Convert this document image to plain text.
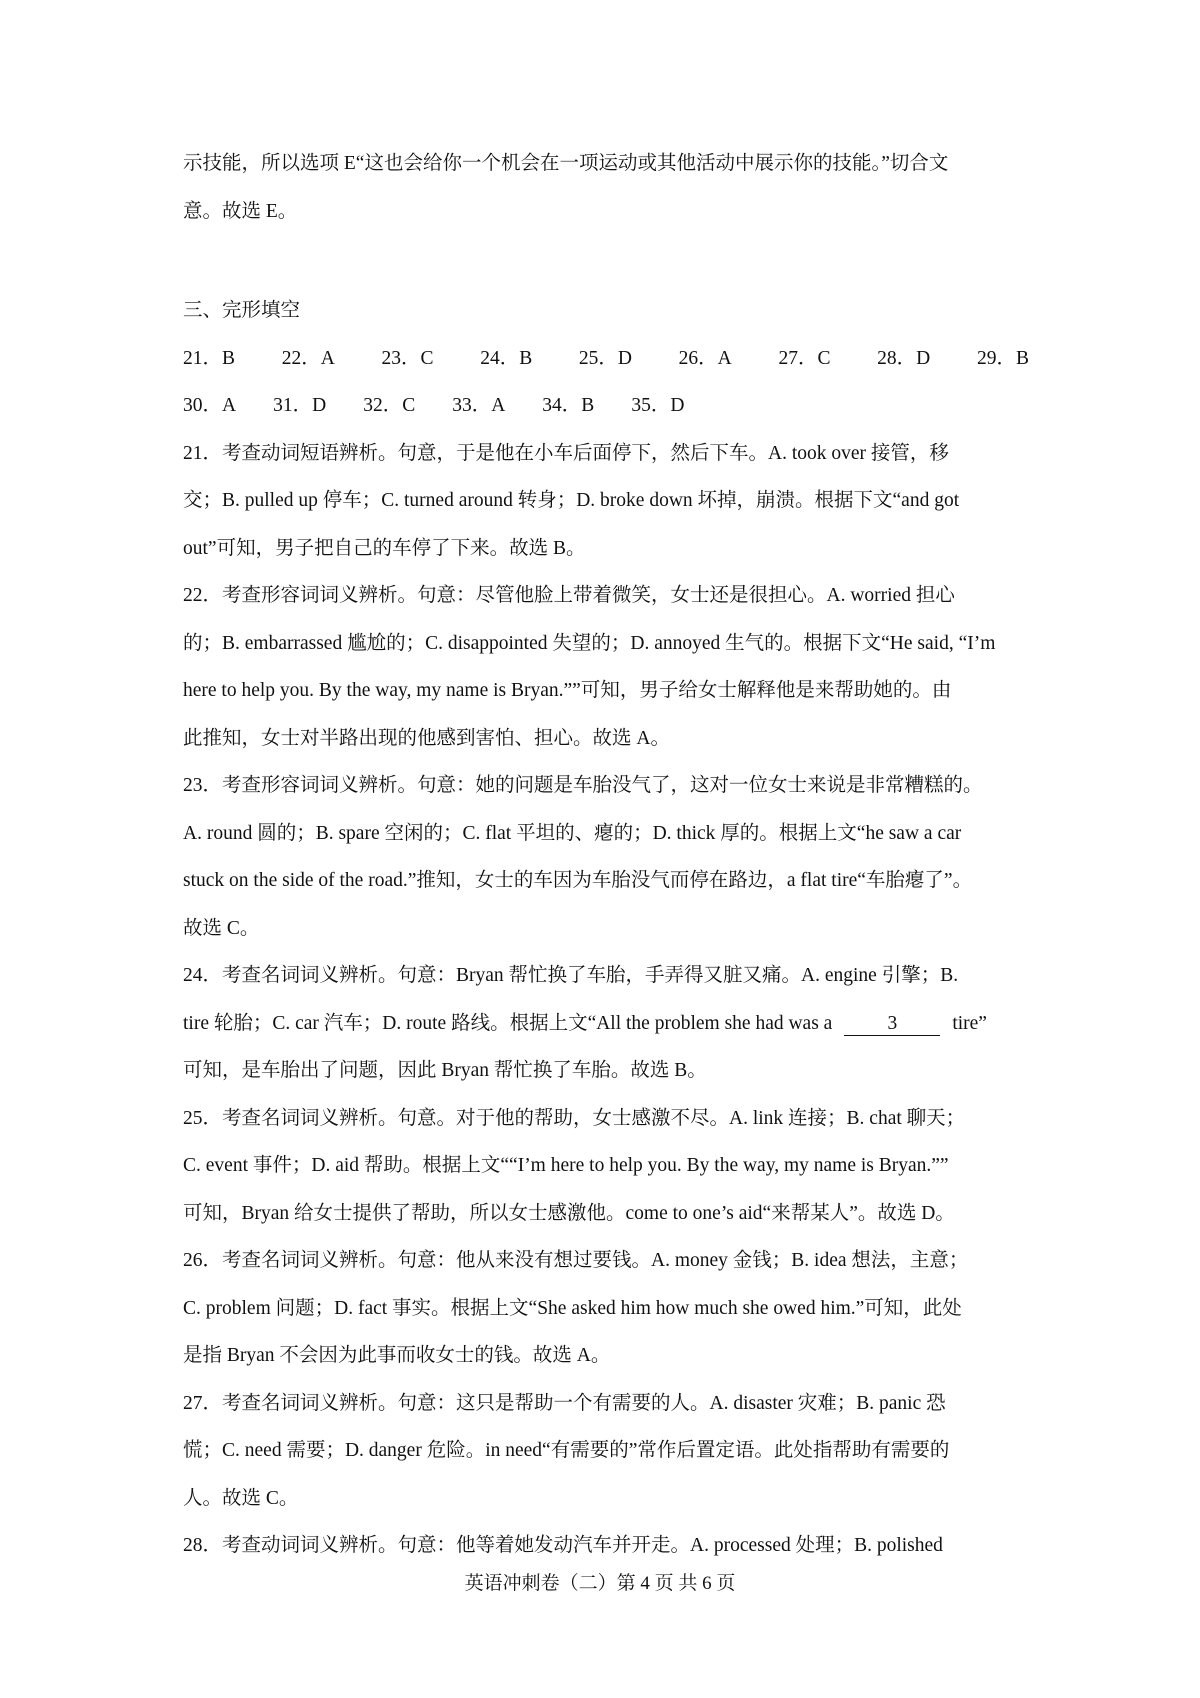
示技能，所以选项 E“这也会给你一个机会在一项运动或其他活动中展示你的技能。”切合文

意。故选 E。

三、完形填空

21．B 22．A 23．C 24．B 25．D 26．A 27．C 28．D 29．B
30．A 31．D 32．C 33．A 34．B 35．D

21．考查动词短语辨析。句意，于是他在小车后面停下，然后下车。A. took over 接管，移

交；B. pulled up 停车；C. turned around 转身；D. broke down 坏掉，崩溃。根据下文“and got

out”可知，男子把自己的车停了下来。故选 B。

22．考查形容词词义辨析。句意：尽管他脸上带着微笑，女士还是很担心。A. worried 担心

的；B. embarrassed 尴尬的；C. disappointed 失望的；D. annoyed 生气的。根据下文“He said, “I’m

here to help you. By the way, my name is Bryan.””可知，男子给女士解释他是来帮助她的。由

此推知，女士对半路出现的他感到害怕、担心。故选 A。

23．考查形容词词义辨析。句意：她的问题是车胎没气了，这对一位女士来说是非常糟糕的。

A. round 圆的；B. spare 空闲的；C. flat 平坦的、瘪的；D. thick 厚的。根据上文“he saw a car

stuck on the side of the road.”推知，女士的车因为车胎没气而停在路边，a flat tire“车胎瘪了”。

故选 C。

24．考查名词词义辨析。句意：Bryan 帮忙换了车胎，手弄得又脏又痛。A. engine 引擎；B.

tire 轮胎；C. car 汽车；D. route 路线。根据上文“All the problem she had was a	3	tire”

可知，是车胎出了问题，因此 Bryan 帮忙换了车胎。故选 B。

25．考查名词词义辨析。句意。对于他的帮助，女士感激不尽。A. link 连接；B. chat 聊天；

C. event 事件；D. aid 帮助。根据上文““I’m here to help you. By the way, my name is Bryan.””

可知，Bryan 给女士提供了帮助，所以女士感激他。come to one’s aid“来帮某人”。故选 D。

26．考查名词词义辨析。句意：他从来没有想过要钱。A. money 金钱；B. idea 想法，主意；

C. problem 问题；D. fact 事实。根据上文“She asked him how much she owed him.”可知，此处

是指 Bryan 不会因为此事而收女士的钱。故选 A。

27．考查名词词义辨析。句意：这只是帮助一个有需要的人。A. disaster 灾难；B. panic 恐

慌；C. need 需要；D. danger 危险。in need“有需要的”常作后置定语。此处指帮助有需要的

人。故选 C。

28．考查动词词义辨析。句意：他等着她发动汽车并开走。A. processed 处理；B. polished

英语冲刺卷（二）第 4 页 共 6 页
